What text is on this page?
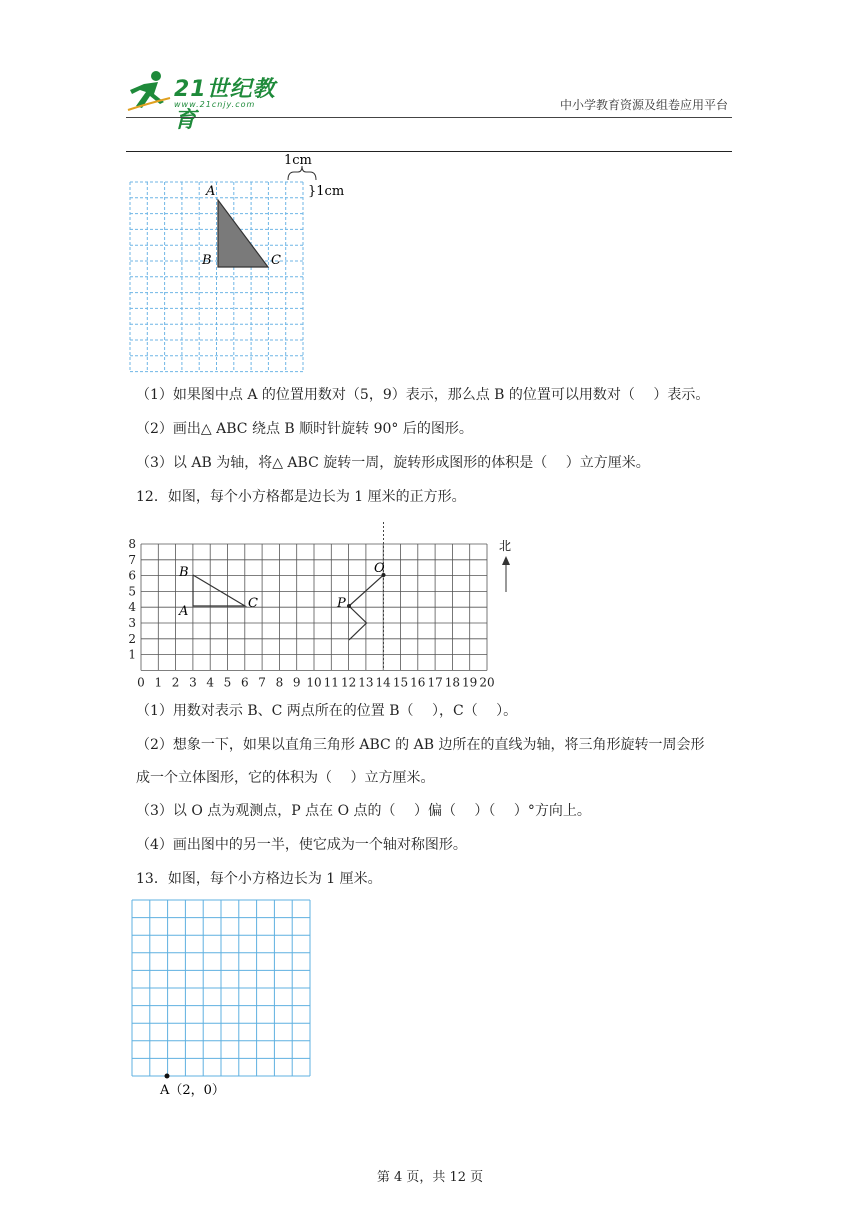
21世纪教育
www.21cnjy.com	中小学教育资源及组卷应用平台
1cm
}1cm
A
B	C
（1）如果图中点 A 的位置用数对（5，9）表示，那么点 B 的位置可以用数对（　 ）表示。
（2）画出△ ABC 绕点 B 顺时针旋转 90° 后的图形。
（3）以 AB 为轴，将△ ABC 旋转一周，旋转形成图形的体积是（　 ）立方厘米。
12．如图，每个小方格都是边长为 1 厘米的正方形。
8
7
6
5
4
3
2
1
0 1 2 3 4 5 6 7 8 9 10 11 12 13 14 15 16 17 18 19 20
B
A
C
O
P
北
（1）用数对表示 B、C 两点所在的位置 B（　 ），C（　 ）。
（2）想象一下，如果以直角三角形 ABC 的 AB 边所在的直线为轴，将三角形旋转一周会形
成一个立体图形，它的体积为（　 ）立方厘米。
（3）以 O 点为观测点，P 点在 O 点的（　 ）偏（　 ）（　 ）°方向上。
（4）画出图中的另一半，使它成为一个轴对称图形。
13．如图，每个小方格边长为 1 厘米。
A（2，0）
第 4 页，共 12 页
